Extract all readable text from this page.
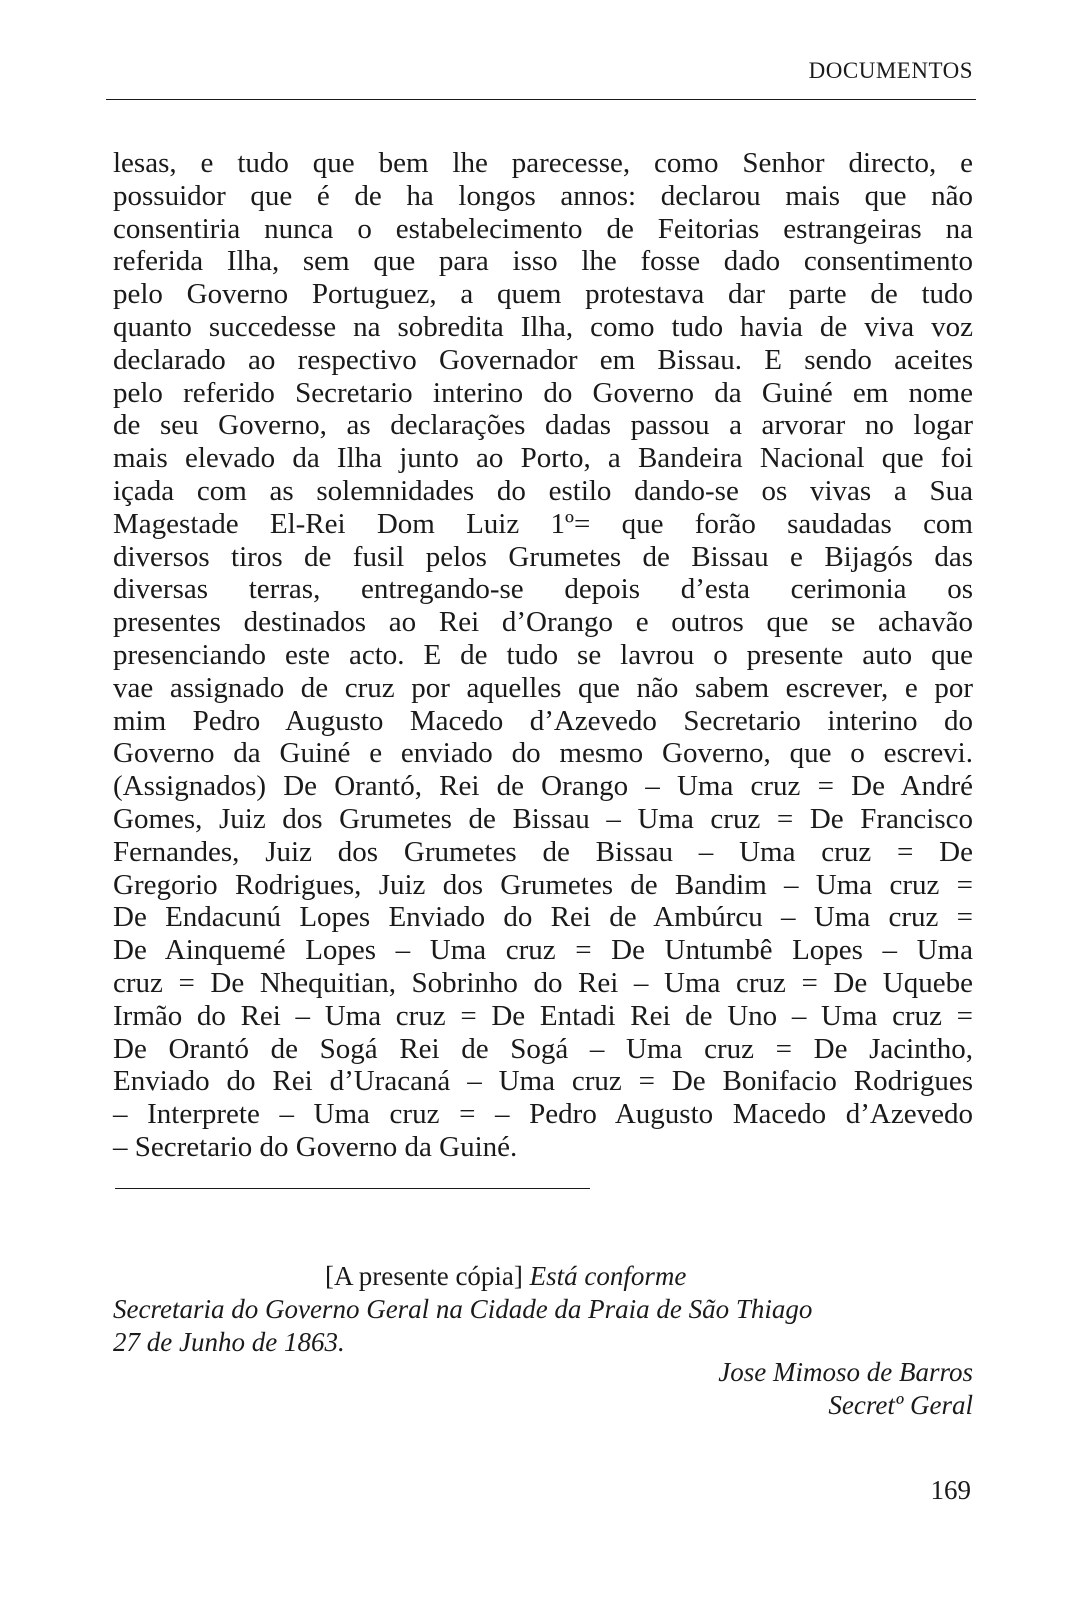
DOCUMENTOS
lesas, e tudo que bem lhe parecesse, como Senhor directo, e
possuidor que é de ha longos annos: declarou mais que não
consentiria nunca o estabelecimento de Feitorias estrangeiras na
referida Ilha, sem que para isso lhe fosse dado consentimento
pelo Governo Portuguez, a quem protestava dar parte de tudo
quanto succedesse na sobredita Ilha, como tudo havia de viva voz
declarado ao respectivo Governador em Bissau. E sendo aceites
pelo referido Secretario interino do Governo da Guiné em nome
de seu Governo, as declarações dadas passou a arvorar no logar
mais elevado da Ilha junto ao Porto, a Bandeira Nacional que foi
içada com as solemnidades do estilo dando-se os vivas a Sua
Magestade El-Rei Dom Luiz 1º= que forão saudadas com
diversos tiros de fusil pelos Grumetes de Bissau e Bijagós das
diversas terras, entregando-se depois d’esta cerimonia os
presentes destinados ao Rei d’Orango e outros que se achavão
presenciando este acto. E de tudo se lavrou o presente auto que
vae assignado de cruz por aquelles que não sabem escrever, e por
mim Pedro Augusto Macedo d’Azevedo Secretario interino do
Governo da Guiné e enviado do mesmo Governo, que o escrevi.
(Assignados) De Orantó, Rei de Orango – Uma cruz = De André
Gomes, Juiz dos Grumetes de Bissau – Uma cruz = De Francisco
Fernandes, Juiz dos Grumetes de Bissau – Uma cruz = De
Gregorio Rodrigues, Juiz dos Grumetes de Bandim – Uma cruz =
De Endacunú Lopes Enviado do Rei de Ambúrcu – Uma cruz =
De Ainquemé Lopes – Uma cruz = De Untumbê Lopes – Uma
cruz = De Nhequitian, Sobrinho do Rei – Uma cruz = De Uquebe
Irmão do Rei – Uma cruz = De Entadi Rei de Uno – Uma cruz =
De Orantó de Sogá Rei de Sogá – Uma cruz = De Jacintho,
Enviado do Rei d’Uracaná – Uma cruz = De Bonifacio Rodrigues
– Interprete – Uma cruz = – Pedro Augusto Macedo d’Azevedo
– Secretario do Governo da Guiné.
[A presente cópia] Está conforme
Secretaria do Governo Geral na Cidade da Praia de São Thiago
27 de Junho de 1863.
Jose Mimoso de Barros
Secretº Geral
169
